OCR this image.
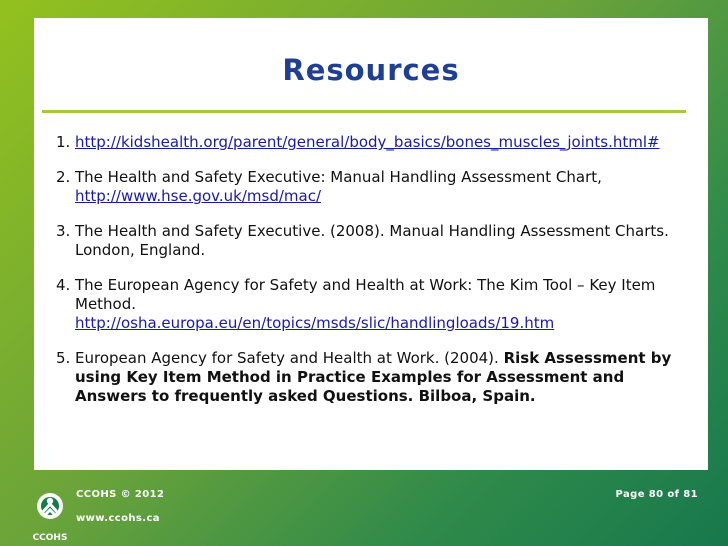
Resources
1. http://kidshealth.org/parent/general/body_basics/bones_muscles_joints.html#
2. The Health and Safety Executive: Manual Handling Assessment Chart,
http://www.hse.gov.uk/msd/mac/
3. The Health and Safety Executive. (2008). Manual Handling Assessment Charts. London, England.
4. The European Agency for Safety and Health at Work: The Kim Tool – Key Item Method.
http://osha.europa.eu/en/topics/msds/slic/handlingloads/19.htm
5. European Agency for Safety and Health at Work. (2004). Risk Assessment by using Key Item Method in Practice Examples for Assessment and Answers to frequently asked Questions. Bilboa, Spain.
CCOHS © 2012
www.ccohs.ca
Page 80 of 81
CCOHS
